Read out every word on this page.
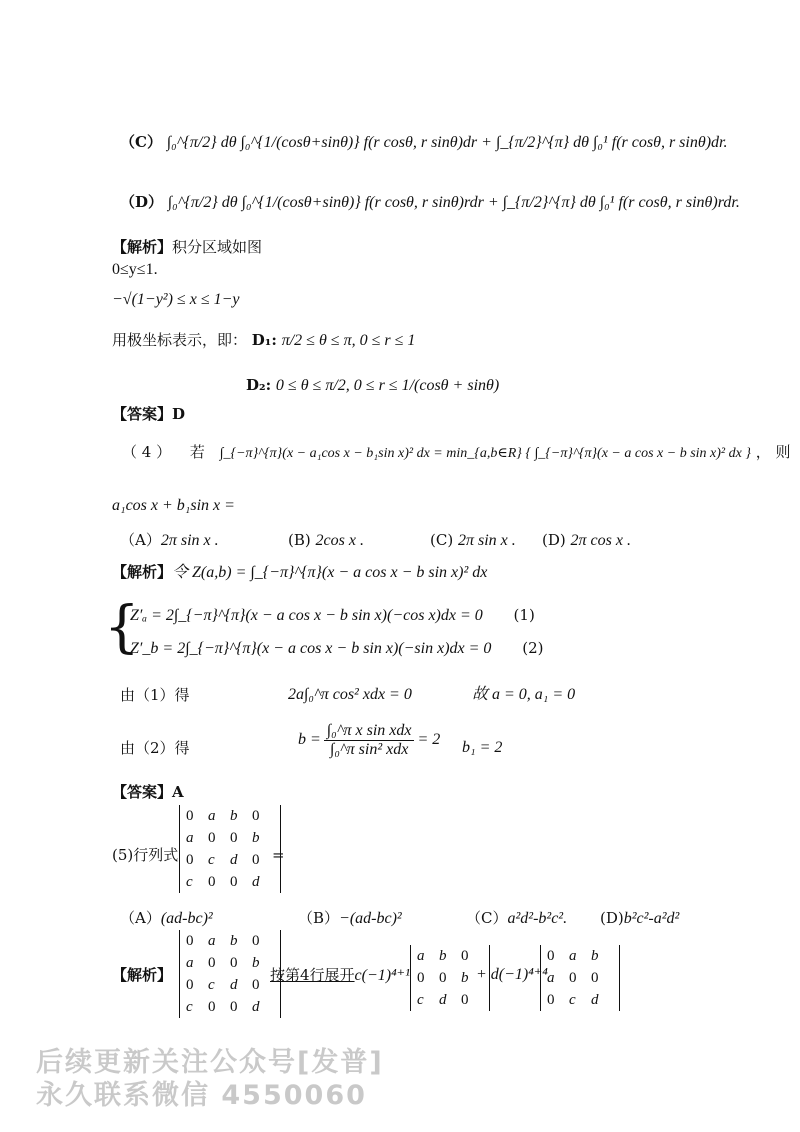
（C） ∫₀^{π/2} dθ ∫₀^{1/(cosθ+sinθ)} f(r cosθ, r sinθ)dr + ∫_{π/2}^{π} dθ ∫₀¹ f(r cosθ, r sinθ)dr.
（D） ∫₀^{π/2} dθ ∫₀^{1/(cosθ+sinθ)} f(r cosθ, r sinθ)rdr + ∫_{π/2}^{π} dθ ∫₀¹ f(r cosθ, r sinθ)rdr.
【解析】积分区域如图
0≤y≤1.
−√(1−y²) ≤ x ≤ 1−y
用极坐标表示，即： D₁: π/2 ≤ θ ≤ π, 0 ≤ r ≤ 1
D₂: 0 ≤ θ ≤ π/2, 0 ≤ r ≤ 1/(cosθ + sinθ)
【答案】D
（ 4 ） 若 ∫_{−π}^{π}(x − a₁cos x − b₁sin x)² dx = min_{a,b∈R} { ∫_{−π}^{π}(x − a cos x − b sin x)² dx } ， 则
a₁cos x + b₁sin x =
（A）2π sin x .	(B) 2cos x .	(C) 2π sin x . (D) 2π cos x .
【解析】令 Z(a,b) = ∫_{−π}^{π}(x − a cos x − b sin x)² dx
{
Z′ₐ = 2∫_{−π}^{π}(x − a cos x − b sin x)(−cos x)dx = 0 (1)
Z′_b = 2∫_{−π}^{π}(x − a cos x − b sin x)(−sin x)dx = 0 (2)
由（1）得	2a∫₀^π cos² xdx = 0	故 a = 0, a₁ = 0
由（2）得	$b = \frac{\text{∫₀\textasciicircum{}π x sin xdx}}{\text{∫₀\textasciicircum{}π sin² xdx}} = 2$ b₁ = 2
【答案】A
(5)行列式
0	a	b	0
a	0	0	b
0	c	d	0
c	0	0	d
=
（A）(ad-bc)²	（B）−(ad-bc)²	（C）a²d²-b²c². (D)b²c²-a²d²
【解析】
0	a	b	0
a	0	0	b
0	c	d	0
c	0	0	d
按第4行展开c(−1)⁴⁺¹
a	b	0
0	0	b
c	d	0
+ d(−1)⁴⁺⁴
0	a	b
a	0	0
0	c	d
后续更新关注公众号[发普]
永久联系微信 4550060
